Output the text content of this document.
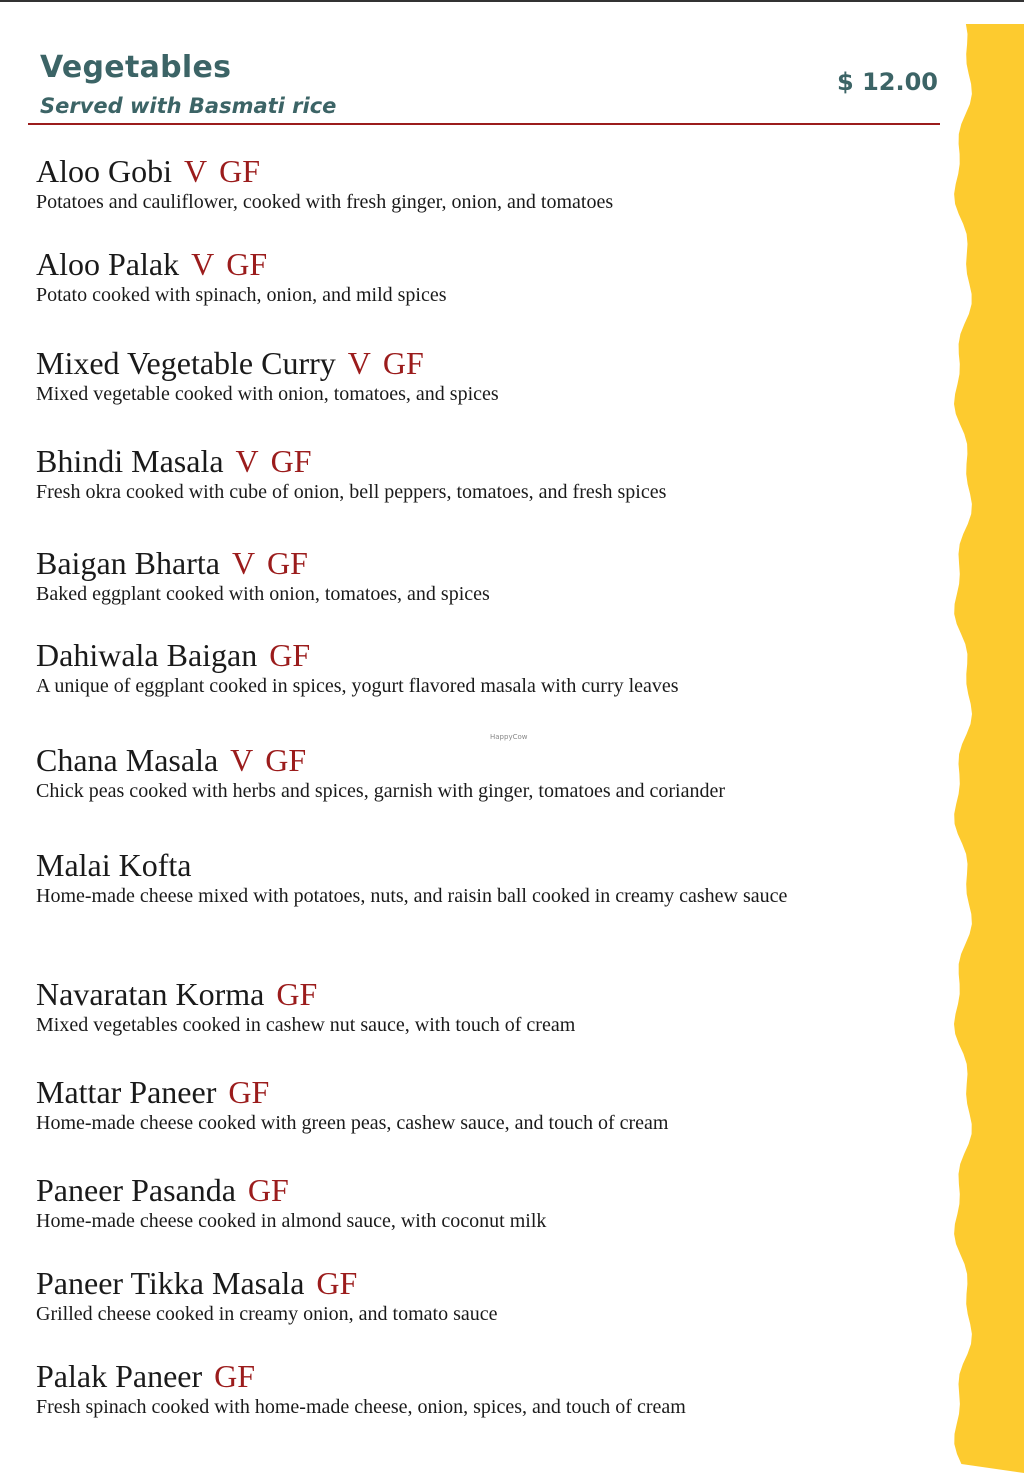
Vegetables

Served with Basmati rice

$ 12.00
Aloo Gobi V GF
Potatoes and cauliflower, cooked with fresh ginger, onion, and tomatoes
Aloo Palak V GF
Potato cooked with spinach, onion, and mild spices
Mixed Vegetable Curry V GF
Mixed vegetable cooked with onion, tomatoes, and spices
Bhindi Masala V GF
Fresh okra cooked with cube of onion, bell peppers, tomatoes, and fresh spices
Baigan Bharta V GF
Baked eggplant cooked with onion, tomatoes, and spices
Dahiwala Baigan GF
A unique of eggplant cooked in spices, yogurt flavored masala with curry leaves
Chana Masala V GF
Chick peas cooked with herbs and spices, garnish with ginger, tomatoes and coriander
Malai Kofta
Home-made cheese mixed with potatoes, nuts, and raisin ball cooked in creamy cashew sauce
Navaratan Korma GF
Mixed vegetables cooked in cashew nut sauce, with touch of cream
Mattar Paneer GF
Home-made cheese cooked with green peas, cashew sauce, and touch of cream
Paneer Pasanda GF
Home-made cheese cooked in almond sauce, with coconut milk
Paneer Tikka Masala GF
Grilled cheese cooked in creamy onion, and tomato sauce
Palak Paneer GF
Fresh spinach cooked with home-made cheese, onion, spices, and touch of cream
HappyCow
